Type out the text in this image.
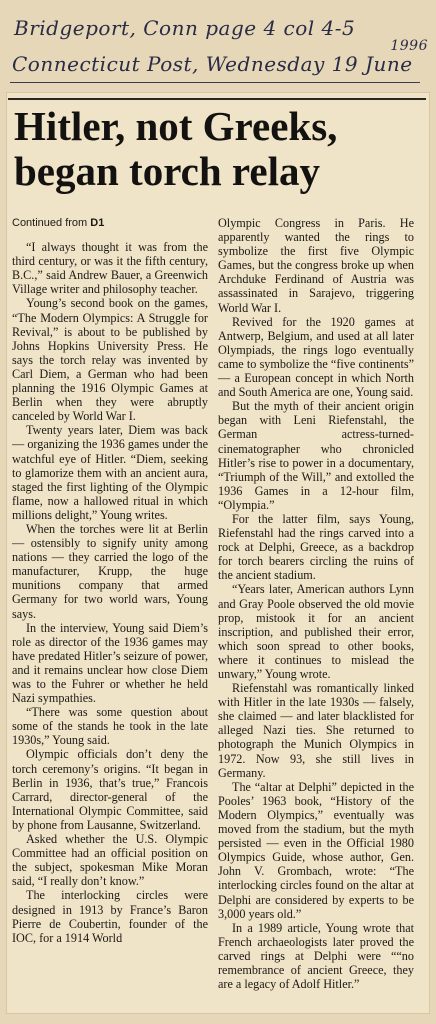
Bridgeport, Conn page 4 col 4-5
1996
Connecticut Post, Wednesday 19 June
Hitler, not Greeks,
began torch relay
Continued from D1

“I always thought it was from the third century, or was it the fifth century, B.C.,” said Andrew Bauer, a Greenwich Village writer and philosophy teacher.

Young’s second book on the games, “The Modern Olympics: A Struggle for Revival,” is about to be published by Johns Hopkins University Press. He says the torch relay was invented by Carl Diem, a German who had been planning the 1916 Olympic Games at Berlin when they were abruptly canceled by World War I.

Twenty years later, Diem was back — organizing the 1936 games under the watchful eye of Hitler. “Diem, seeking to glamorize them with an ancient aura, staged the first lighting of the Olympic flame, now a hallowed ritual in which millions delight,” Young writes.

When the torches were lit at Berlin — ostensibly to signify unity among nations — they carried the logo of the manufacturer, Krupp, the huge munitions company that armed Germany for two world wars, Young says.

In the interview, Young said Diem’s role as director of the 1936 games may have predated Hitler’s seizure of power, and it remains unclear how close Diem was to the Fuhrer or whether he held Nazi sympathies.

“There was some question about some of the stands he took in the late 1930s,” Young said.

Olympic officials don’t deny the torch ceremony’s origins. “It began in Berlin in 1936, that’s true,” Francois Carrard, director-general of the International Olympic Committee, said by phone from Lausanne, Switzerland.

Asked whether the U.S. Olympic Committee had an official position on the subject, spokesman Mike Moran said, “I really don’t know.”

The interlocking circles were designed in 1913 by France’s Baron Pierre de Coubertin, founder of the IOC, for a 1914 World

Olympic Congress in Paris. He apparently wanted the rings to symbolize the first five Olympic Games, but the congress broke up when Archduke Ferdinand of Austria was assassinated in Sarajevo, triggering World War I.

Revived for the 1920 games at Antwerp, Belgium, and used at all later Olympiads, the rings logo eventually came to symbolize the “five continents” — a European concept in which North and South America are one, Young said.

But the myth of their ancient origin began with Leni Riefenstahl, the German actress-turned-cinematographer who chronicled Hitler’s rise to power in a documentary, “Triumph of the Will,” and extolled the 1936 Games in a 12-hour film, “Olympia.”

For the latter film, says Young, Riefenstahl had the rings carved into a rock at Delphi, Greece, as a backdrop for torch bearers circling the ruins of the ancient stadium.

“Years later, American authors Lynn and Gray Poole observed the old movie prop, mistook it for an ancient inscription, and published their error, which soon spread to other books, where it continues to mislead the unwary,” Young wrote.

Riefenstahl was romantically linked with Hitler in the late 1930s — falsely, she claimed — and later blacklisted for alleged Nazi ties. She returned to photograph the Munich Olympics in 1972. Now 93, she still lives in Germany.

The “altar at Delphi” depicted in the Pooles’ 1963 book, “History of the Modern Olympics,” eventually was moved from the stadium, but the myth persisted — even in the Official 1980 Olympics Guide, whose author, Gen. John V. Grombach, wrote: “The interlocking circles found on the altar at Delphi are considered by experts to be 3,000 years old.”

In a 1989 article, Young wrote that French archaeologists later proved the carved rings at Delphi were ““no remembrance of ancient Greece, they are a legacy of Adolf Hitler.”
